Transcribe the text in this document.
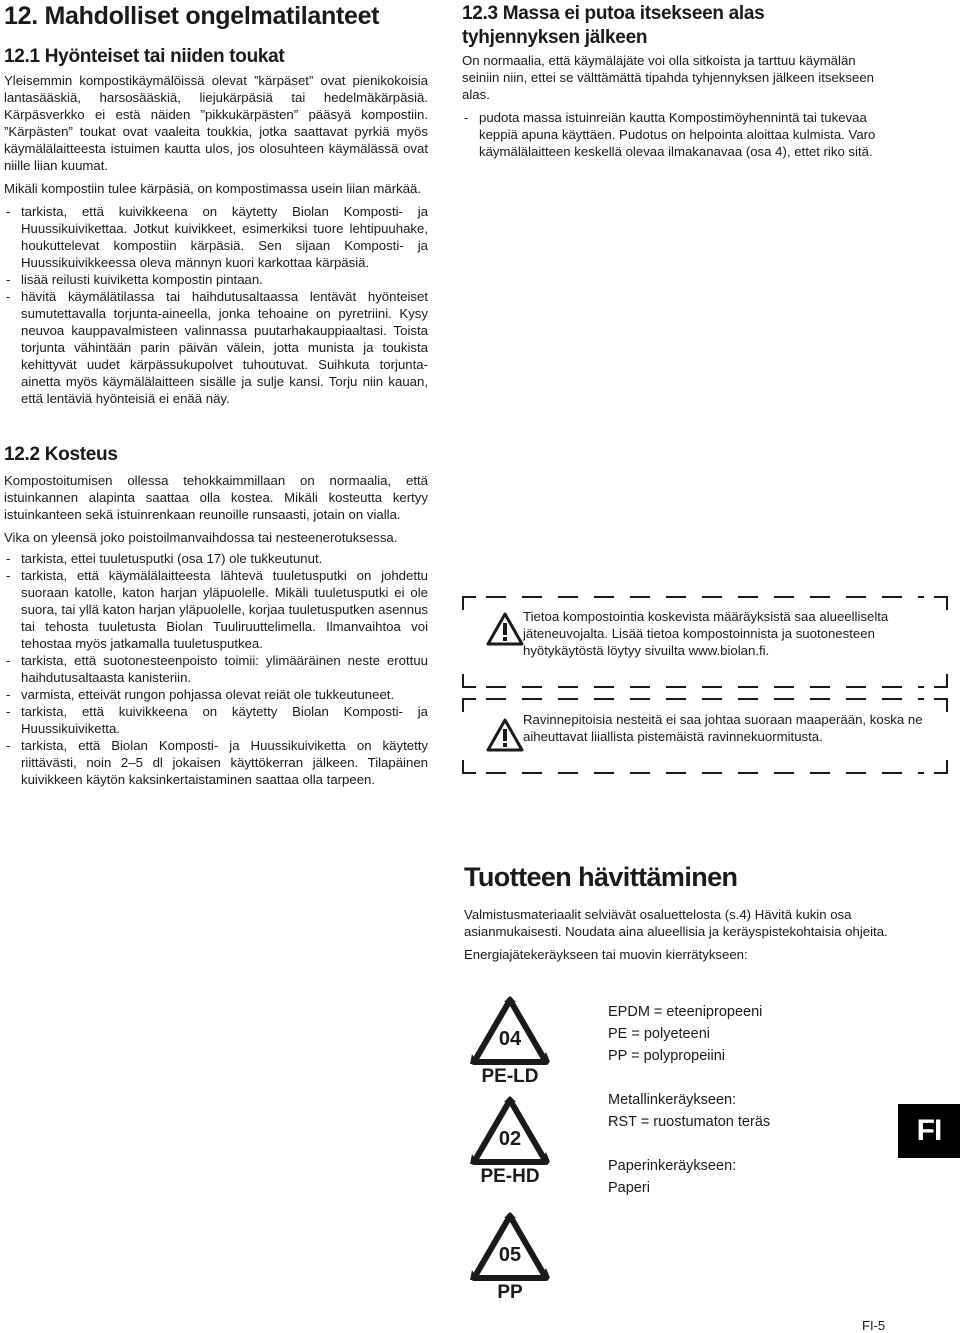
12. Mahdolliset ongelmatilanteet
12.1 Hyönteiset tai niiden toukat

Yleisemmin kompostikäymälöissä olevat ”kärpäset” ovat pienikokoisia lantasääskiä, harsosääskiä, liejukärpäsiä tai hedelmäkärpäsiä. Kärpäsverkko ei estä näiden ”pikkukärpästen” pääsyä kompostiin. ”Kärpästen” toukat ovat vaaleita toukkia, jotka saattavat pyrkiä myös käymälälaitteesta istuimen kautta ulos, jos olosuhteen käymälässä ovat niille liian kuumat.

Mikäli kompostiin tulee kärpäsiä, on kompostimassa usein liian märkää.

- tarkista, että kuivikkeena on käytetty Biolan Komposti- ja Huussikuivikettaa. Jotkut kuivikkeet, esimerkiksi tuore lehtipuuhake, houkuttelevat kompostiin kärpäsiä. Sen sijaan Komposti- ja Huussikuivikkeessa oleva männyn kuori karkottaa kärpäsiä.
- lisää reilusti kuiviketta kompostin pintaan.
- hävitä käymälätilassa tai haihdutusaltaassa lentävät hyönteiset sumutettavalla torjunta-aineella, jonka tehoaine on pyretriini. Kysy neuvoa kauppavalmisteen valinnassa puutarhakauppiaaltasi. Toista torjunta vähintään parin päivän välein, jotta munista ja toukista kehittyvät uudet kärpässukupolvet tuhoutuvat. Suihkuta torjunta-ainetta myös käymälälaitteen sisälle ja sulje kansi. Torju niin kauan, että lentäviä hyönteisiä ei enää näy.
12.2 Kosteus

Kompostoitumisen ollessa tehokkaimmillaan on normaalia, että istuinkannen alapinta saattaa olla kostea. Mikäli kosteutta kertyy istuinkanteen sekä istuinrenkaan reunoille runsaasti, jotain on vialla.

Vika on yleensä joko poistoilmanvaihdossa tai nesteenerotuksessa.

- tarkista, ettei tuuletusputki (osa 17) ole tukkeutunut.
- tarkista, että käymälälaitteesta lähtevä tuuletusputki on johdettu suoraan katolle, katon harjan yläpuolelle. Mikäli tuuletusputki ei ole suora, tai yllä katon harjan yläpuolelle, korjaa tuuletusputken asennus tai tehosta tuuletusta Biolan Tuuliruuttelimella. Ilmanvaihtoa voi tehostaa myös jatkamalla tuuletusputkea.
- tarkista, että suotonesteenpoisto toimii: ylimääräinen neste erottuu haihdutusaltaasta kanisteriin.
- varmista, etteivät rungon pohjassa olevat reiät ole tukkeutuneet.
- tarkista, että kuivikkeena on käytetty Biolan Komposti- ja Huussikuiviketta.
- tarkista, että Biolan Komposti- ja Huussikuiviketta on käytetty riittävästi, noin 2–5 dl jokaisen käyttökerran jälkeen. Tilapäinen kuivikkeen käytön kaksinkertaistaminen saattaa olla tarpeen.
12.3 Massa ei putoa itsekseen alas tyhjennyksen jälkeen

On normaalia, että käymäläjäte voi olla sitkoista ja tarttuu käymälän seiniin niin, ettei se välttämättä tipahda tyhjennyksen jälkeen itsekseen alas.

- pudota massa istuinreiän kautta Kompostimöyhennintä tai tukevaa keppiä apuna käyttäen. Pudotus on helpointa aloittaa kulmista. Varo käymälälaitteen keskellä olevaa ilmakanavaa (osa 4), ettet riko sitä.
Tietoa kompostointia koskevista määräyksistä saa alueelliselta jäteneuvojalta. Lisää tietoa kompostoinnista ja suotonesteen hyötykäytöstä löytyy sivuilta www.biolan.fi.
Ravinnepitoisia nesteitä ei saa johtaa suoraan maaperään, koska ne aiheuttavat liiallista pistemäistä ravinnekuormitusta.
Tuotteen hävittäminen

Valmistusmateriaalit selviävät osaluettelosta (s.4) Hävitä kukin osa asianmukaisesti. Noudata aina alueellisia ja keräyspistekohtaisia ohjeita.

Energiajätekeräykseen tai muovin kierrätykseen:

04
PE-LD
02
PE-HD
05
PP
EPDM = eteenipropeeni
PE = polyeteeni
PP = polypropeiini
Metallinkeräykseen:
RST = ruostumaton teräs
Paperinkeräykseen:
Paperi
FI
FI-5
